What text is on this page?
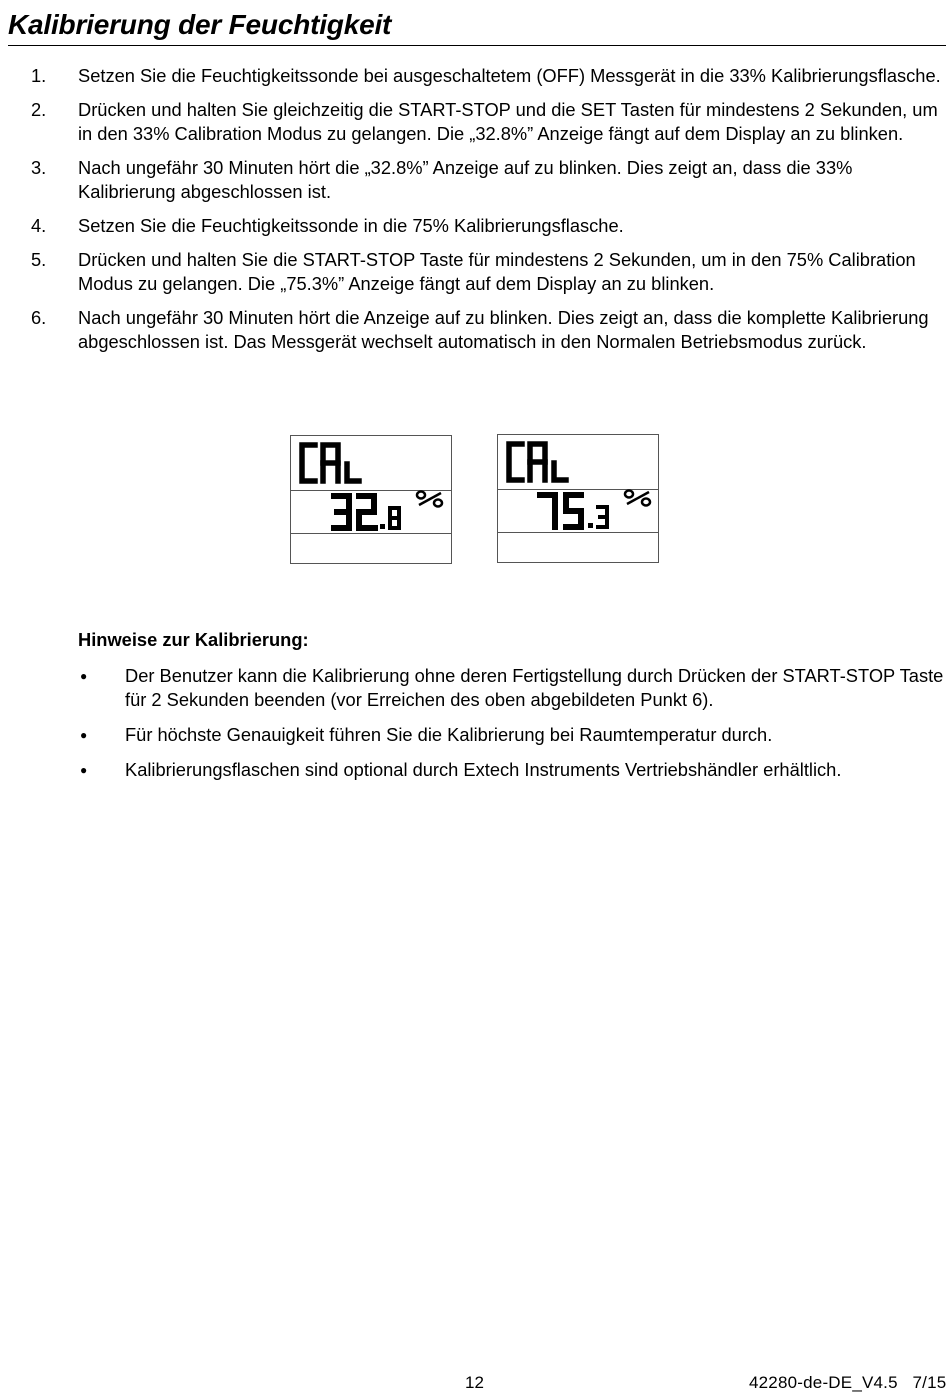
Kalibrierung der Feuchtigkeit
1.	Setzen Sie die Feuchtigkeitssonde bei ausgeschaltetem (OFF) Messgerät in die 33% Kalibrierungsflasche.
2.	Drücken und halten Sie gleichzeitig die START-STOP und die SET Tasten für mindestens 2 Sekunden, um in den 33% Calibration Modus zu gelangen. Die „32.8%” Anzeige fängt auf dem Display an zu blinken.
3.	Nach ungefähr 30 Minuten hört die „32.8%” Anzeige auf zu blinken. Dies zeigt an, dass die 33% Kalibrierung abgeschlossen ist.
4.	Setzen Sie die Feuchtigkeitssonde in die 75% Kalibrierungsflasche.
5.	Drücken und halten Sie die START-STOP Taste für mindestens 2 Sekunden, um in den 75% Calibration Modus zu gelangen. Die „75.3%” Anzeige fängt auf dem Display an zu blinken.
6.	Nach ungefähr 30 Minuten hört die Anzeige auf zu blinken. Dies zeigt an, dass die komplette Kalibrierung abgeschlossen ist. Das Messgerät wechselt automatisch in den Normalen Betriebsmodus zurück.

Hinweise zur Kalibrierung:

●	Der Benutzer kann die Kalibrierung ohne deren Fertigstellung durch Drücken der START-STOP Taste für 2 Sekunden beenden (vor Erreichen des oben abgebildeten Punkt 6).
●	Für höchste Genauigkeit führen Sie die Kalibrierung bei Raumtemperatur durch.
●	Kalibrierungsflaschen sind optional durch Extech Instruments Vertriebshändler erhältlich.
12	42280-de-DE_V4.5   7/15
